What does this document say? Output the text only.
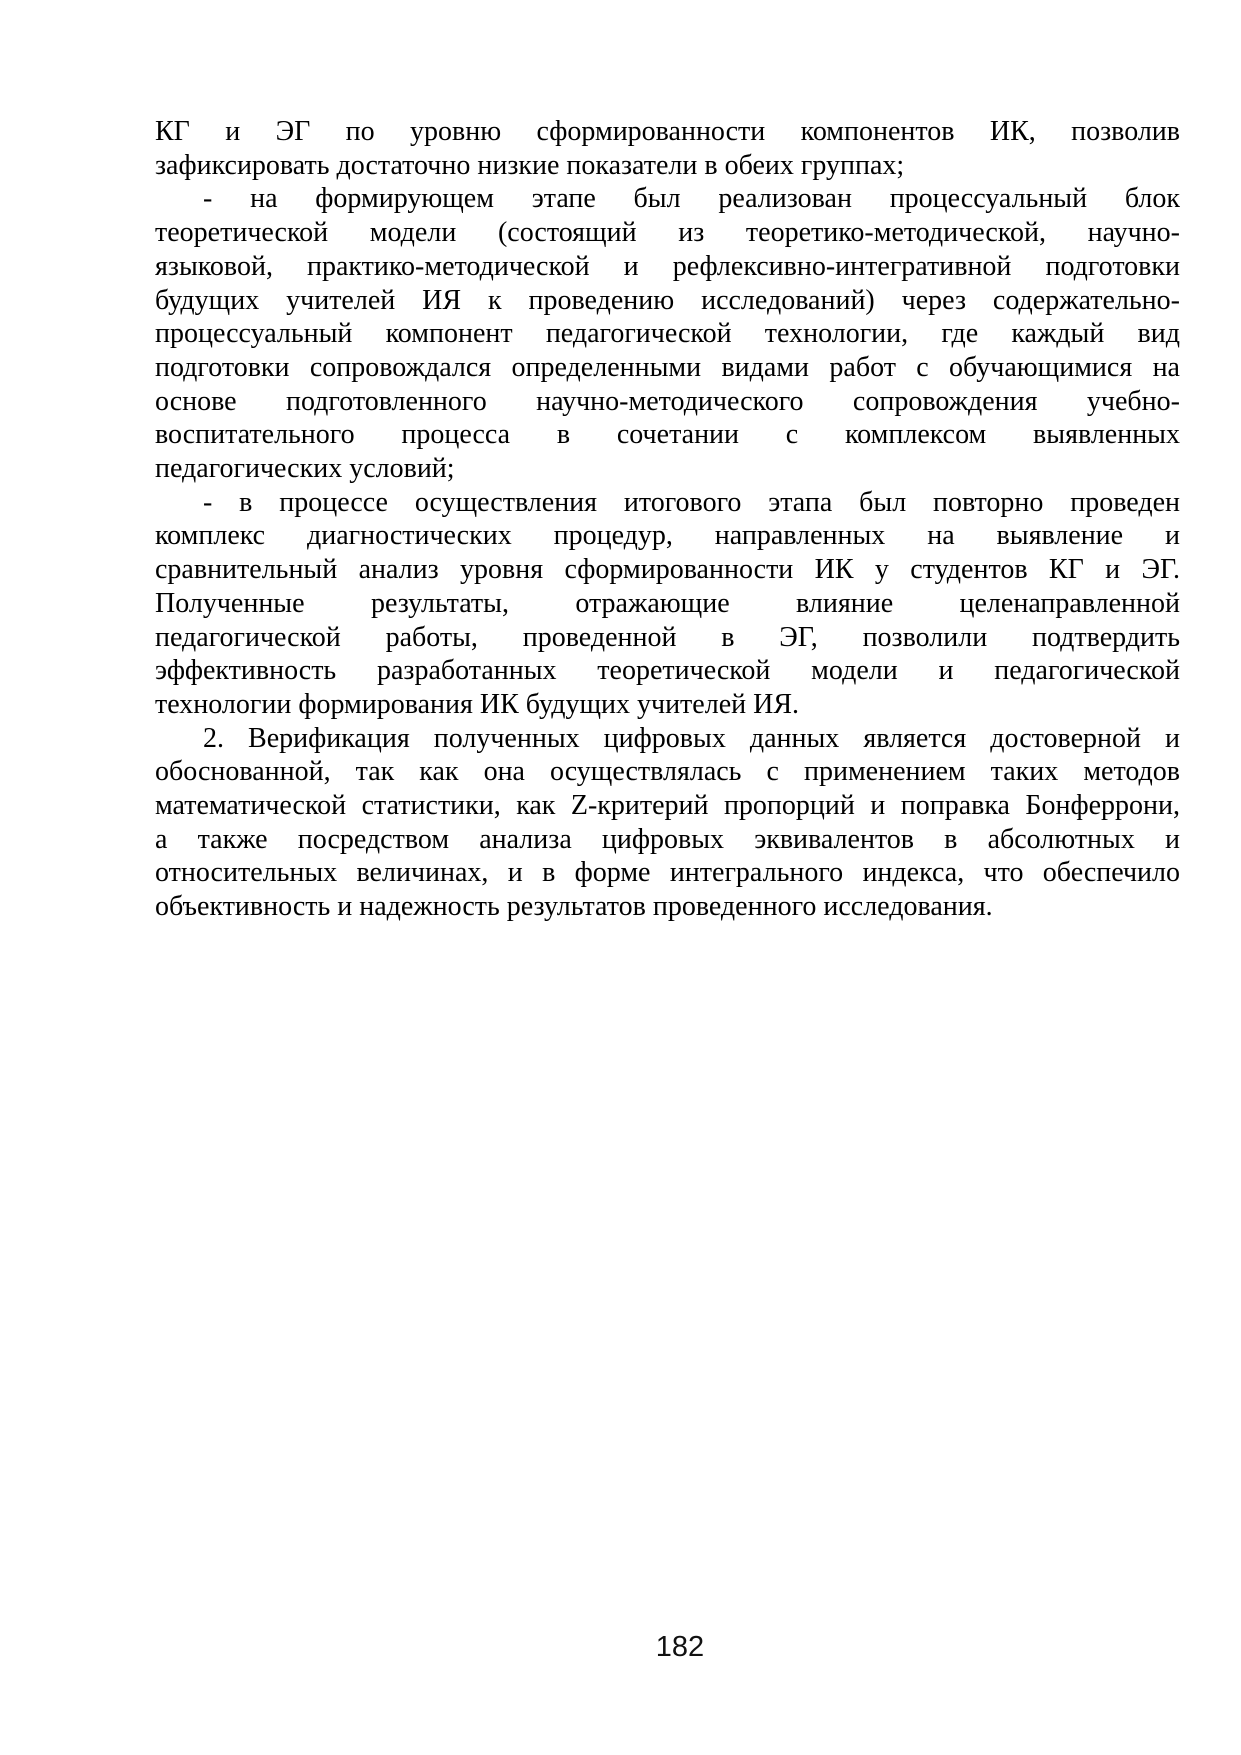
КГ и ЭГ по уровню сформированности компонентов ИК, позволив
зафиксировать достаточно низкие показатели в обеих группах;
- на формирующем этапе был реализован процессуальный блок
теоретической модели (состоящий из теоретико-методической, научно-
языковой, практико-методической и рефлексивно-интегративной подготовки
будущих учителей ИЯ к проведению исследований) через содержательно-
процессуальный компонент педагогической технологии, где каждый вид
подготовки сопровождался определенными видами работ с обучающимися на
основе подготовленного научно-методического сопровождения учебно-
воспитательного процесса в сочетании с комплексом выявленных
педагогических условий;
- в процессе осуществления итогового этапа был повторно проведен
комплекс диагностических процедур, направленных на выявление и
сравнительный анализ уровня сформированности ИК у студентов КГ и ЭГ.
Полученные результаты, отражающие влияние целенаправленной
педагогической работы, проведенной в ЭГ, позволили подтвердить
эффективность разработанных теоретической модели и педагогической
технологии формирования ИК будущих учителей ИЯ.
2. Верификация полученных цифровых данных является достоверной и
обоснованной, так как она осуществлялась с применением таких методов
математической статистики, как Z-критерий пропорций и поправка Бонферрони,
а также посредством анализа цифровых эквивалентов в абсолютных и
относительных величинах, и в форме интегрального индекса, что обеспечило
объективность и надежность результатов проведенного исследования.
182
